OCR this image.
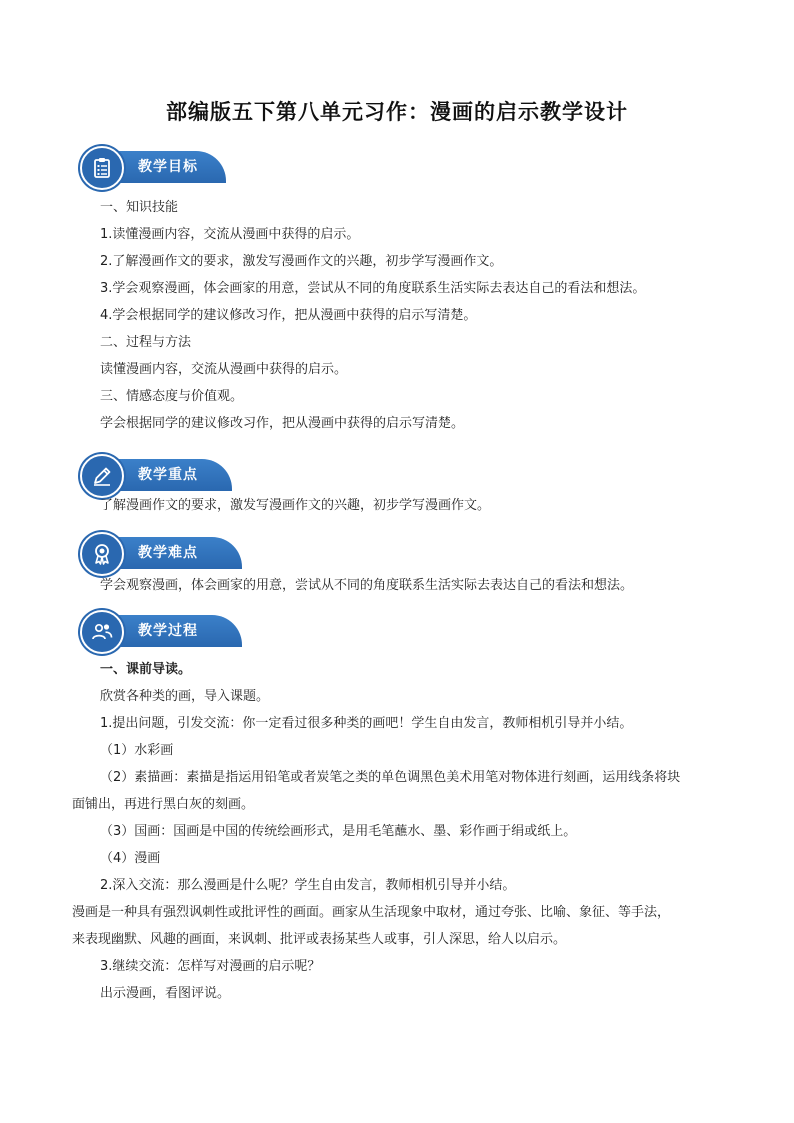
部编版五下第八单元习作：漫画的启示教学设计
教学目标
一、知识技能
1.读懂漫画内容，交流从漫画中获得的启示。
2.了解漫画作文的要求，激发写漫画作文的兴趣，初步学写漫画作文。
3.学会观察漫画，体会画家的用意，尝试从不同的角度联系生活实际去表达自己的看法和想法。
4.学会根据同学的建议修改习作，把从漫画中获得的启示写清楚。
二、过程与方法
读懂漫画内容，交流从漫画中获得的启示。
三、情感态度与价值观。
学会根据同学的建议修改习作，把从漫画中获得的启示写清楚。
教学重点
了解漫画作文的要求，激发写漫画作文的兴趣，初步学写漫画作文。
教学难点
学会观察漫画，体会画家的用意，尝试从不同的角度联系生活实际去表达自己的看法和想法。
教学过程
一、课前导读。
欣赏各种类的画，导入课题。
1.提出问题，引发交流：你一定看过很多种类的画吧！学生自由发言，教师相机引导并小结。
（1）水彩画
（2）素描画：素描是指运用铅笔或者炭笔之类的单色调黑色美术用笔对物体进行刻画，运用线条将块
面铺出，再进行黑白灰的刻画。
（3）国画：国画是中国的传统绘画形式，是用毛笔蘸水、墨、彩作画于绢或纸上。
（4）漫画
2.深入交流：那么漫画是什么呢？学生自由发言，教师相机引导并小结。
漫画是一种具有强烈讽刺性或批评性的画面。画家从生活现象中取材，通过夸张、比喻、象征、等手法，
来表现幽默、风趣的画面，来讽刺、批评或表扬某些人或事，引人深思，给人以启示。
3.继续交流：怎样写对漫画的启示呢？
出示漫画，看图评说。
